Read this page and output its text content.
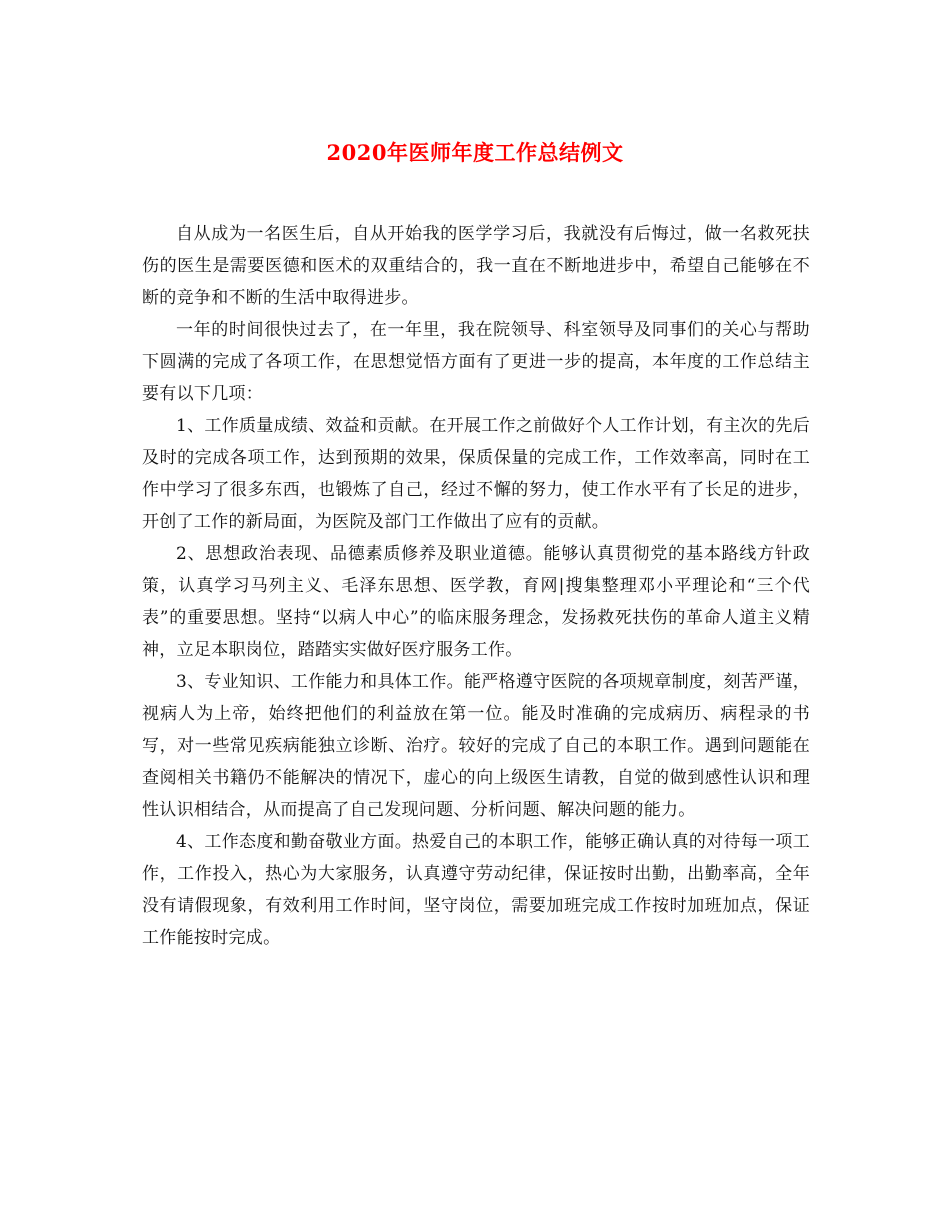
2020年医师年度工作总结例文

自从成为一名医生后，自从开始我的医学学习后，我就没有后悔过，做一名救死扶伤的医生是需要医德和医术的双重结合的，我一直在不断地进步中，希望自己能够在不断的竞争和不断的生活中取得进步。

一年的时间很快过去了，在一年里，我在院领导、科室领导及同事们的关心与帮助下圆满的完成了各项工作，在思想觉悟方面有了更进一步的提高，本年度的工作总结主要有以下几项：

1、工作质量成绩、效益和贡献。在开展工作之前做好个人工作计划，有主次的先后及时的完成各项工作，达到预期的效果，保质保量的完成工作，工作效率高，同时在工作中学习了很多东西，也锻炼了自己，经过不懈的努力，使工作水平有了长足的进步，开创了工作的新局面，为医院及部门工作做出了应有的贡献。

2、思想政治表现、品德素质修养及职业道德。能够认真贯彻党的基本路线方针政策，认真学习马列主义、毛泽东思想、医学教，育网|搜集整理邓小平理论和“三个代表”的重要思想。坚持“以病人中心”的临床服务理念，发扬救死扶伤的革命人道主义精神，立足本职岗位，踏踏实实做好医疗服务工作。

3、专业知识、工作能力和具体工作。能严格遵守医院的各项规章制度，刻苦严谨，视病人为上帝，始终把他们的利益放在第一位。能及时准确的完成病历、病程录的书写，对一些常见疾病能独立诊断、治疗。较好的完成了自己的本职工作。遇到问题能在查阅相关书籍仍不能解决的情况下，虚心的向上级医生请教，自觉的做到感性认识和理性认识相结合，从而提高了自己发现问题、分析问题、解决问题的能力。

4、工作态度和勤奋敬业方面。热爱自己的本职工作，能够正确认真的对待每一项工作，工作投入，热心为大家服务，认真遵守劳动纪律，保证按时出勤，出勤率高，全年没有请假现象，有效利用工作时间，坚守岗位，需要加班完成工作按时加班加点，保证工作能按时完成。
